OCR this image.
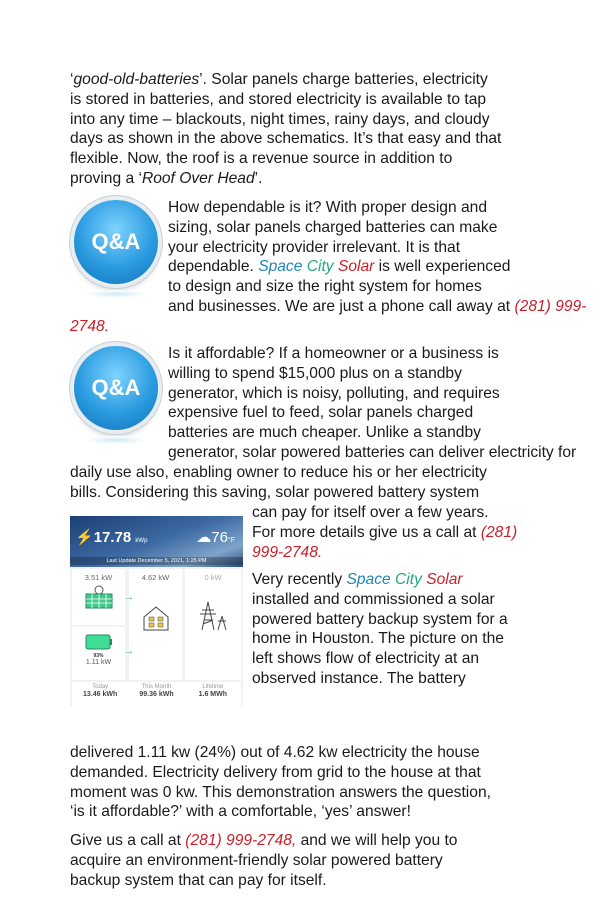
‘good-old-batteries’. Solar panels charge batteries, electricity
is stored in batteries, and stored electricity is available to tap
into any time – blackouts, night times, rainy days, and cloudy
days as shown in the above schematics. It’s that easy and that
flexible. Now, the roof is a revenue source in addition to
proving a ‘Roof Over Head’.
Q&A
How dependable is it? With proper design and
sizing, solar panels charged batteries can make
your electricity provider irrelevant. It is that
dependable. Space City Solar is well experienced
to design and size the right system for homes
and businesses. We are just a phone call away at (281) 999-
2748.
Q&A
Is it affordable? If a homeowner or a business is
willing to spend $15,000 plus on a standby
generator, which is noisy, polluting, and requires
expensive fuel to feed, solar panels charged
batteries are much cheaper. Unlike a standby
generator, solar powered batteries can deliver electricity for
daily use also, enabling owner to reduce his or her electricity
bills. Considering this saving, solar powered battery system
can pay for itself over a few years.
For more details give us a call at (281)
999-2748.
Very recently Space City Solar
installed and commissioned a solar
powered battery backup system for a
home in Houston. The picture on the
left shows flow of electricity at an
observed instance. The battery
delivered 1.11 kw (24%) out of 4.62 kw electricity the house
demanded. Electricity delivery from grid to the house at that
moment was 0 kw. This demonstration answers the question,
‘is it affordable?’ with a comfortable, ‘yes’ answer!
Give us a call at (281) 999-2748, and we will help you to
acquire an environment-friendly solar powered battery
backup system that can pay for itself.
⚡17.78 kWp	☁76°F
Last Update December 5, 2021, 1:25 PM
3.51 kW
93%
1.11 kW
4.62 kW	0 kW
→
→
Today
13.46 kWh
This Month
99.36 kWh
Lifetime
1.6 MWh
